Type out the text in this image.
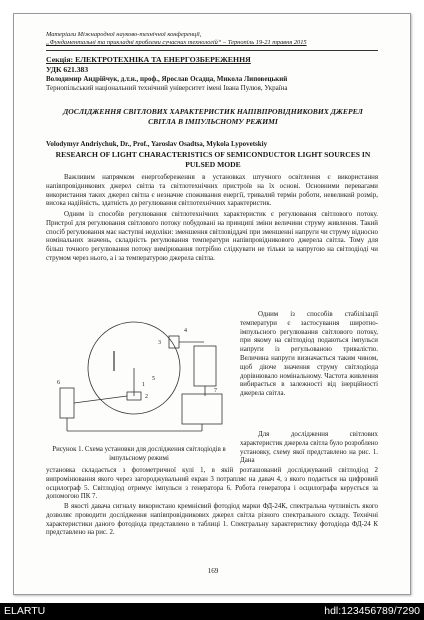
Матеріали Міжнародної науково-технічної конференції,
„Фундаментальні та прикладні проблеми сучасних технологій“ – Тернопіль 19-21 травня 2015
Секція: ЕЛЕКТРОТЕХНІКА ТА ЕНЕРГОЗБЕРЕЖЕННЯ
УДК 621.383
Володимир Андрійчук, д.т.н., проф., Ярослав Осадца, Микола Липовецький
Тернопільський національний технічний університет імені Івана Пулюя, Україна
ДОСЛІДЖЕННЯ СВІТЛОВИХ ХАРАКТЕРИСТИК НАПІВПРОВІДНИКОВИХ ДЖЕРЕЛ СВІТЛА В ІМПУЛЬСНОМУ РЕЖИМІ
Volodymyr Andriychuk, Dr., Prof., Yaroslav Osadtsa, Mykola Lypovetskiy
RESEARCH OF LIGHT CHARACTERISTICS OF SEMICONDUCTOR LIGHT SOURCES IN PULSED MODE

Важливим напрямком енергозбереження в установках штучного освітлення є використання напівпровідникових джерел світла та світлотехнічних пристроїв на їх основі. Основними перевагами використання таких джерел світла є незначне споживання енергії, тривалий термін роботи, невеликий розмір, висока надійність, здатність до регулювання світлотехнічних характеристик.

Одним із способів регулювання світлотехнічних характеристик є регулювання світлового потоку. Пристрої для регулювання світлового потоку побудовані на принципі зміни величини струму живлення. Такий спосіб регулювання має наступні недоліки: зменшення світловіддачі при зменшенні напруги чи струму відносно номінальних значень, складність регулювання температури напівпровідникового джерела світла. Тому для більш точного регулювання потоку вимірювання потрібно слідкувати не тільки за напругою на світлодіоді чи струмом через нього, а і за температурою джерела світла.

1
2
3
4
5
6
7

Рисунок 1. Схема установки для дослідження світлодіодів в імпульсному режимі

Одним із способів стабілізації температури є застосування широтно-імпульсного регулювання світлового потоку, при якому на світлодіод подаються імпульси напруги із регульованою тривалістю. Величина напруги визначається таким чином, щоб діюче значення струму світлодіода дорівнювало номінальному. Частота живлення вибирається в залежності від інерційності джерела світла.

Для дослідження світлових характеристик джерела світла було розроблено установку, схему якої представлено на рис. 1. Дана

установка складається з фотометричної кулі 1, в якій розташований досліджуваний світлодіод 2 випромінювання якого через загороджувальний екран 3 потрапляє на давач 4, з якого подається на цифровий осцилограф 5. Світлодіод отримує імпульси з генератора 6. Робота генератора і осцилографа керується за допомогою ПК 7.

В якості давача сигналу використано кремнієвий фотодіод марки ФД-24К, спектральна чутливість якого дозволяє проводити дослідження напівпровідникових джерел світла різного спектрального складу. Технічні характеристики даного фотодіода представлено в таблиці 1. Спектральну характеристику фотодіода ФД-24 К представлено на рис. 2.

169
ELARTU	hdl:123456789/7290
